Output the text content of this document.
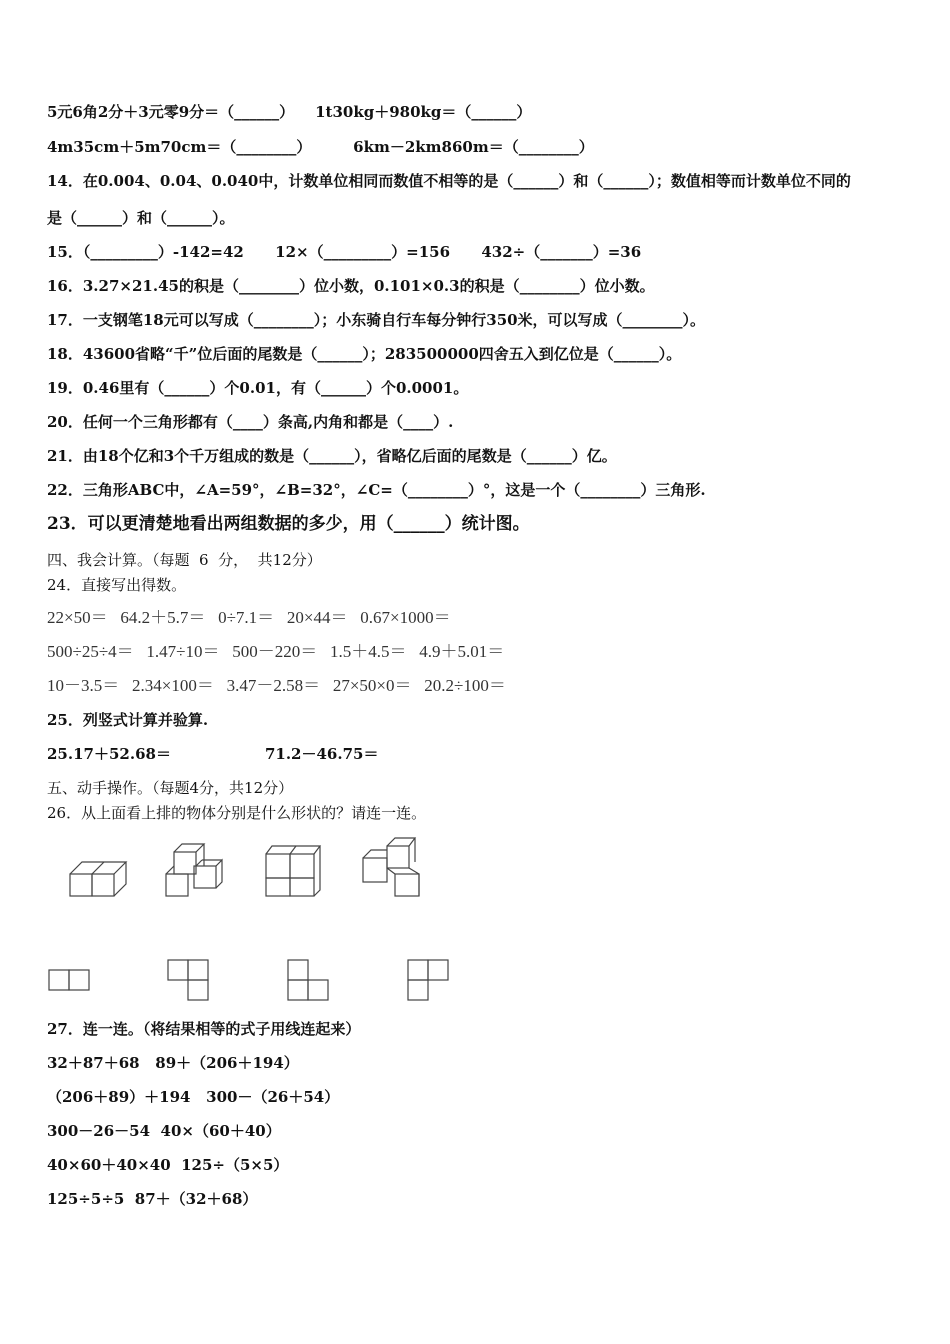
5元6角2分＋3元零9分＝（______）    1t30kg＋980kg＝（______）
4m35cm＋5m70cm＝（________）        6km－2km860m＝（________）
14．在0.004、0.04、0.040中，计数单位相同而数值不相等的是（______）和（______）；数值相等而计数单位不同的
是（______）和（______）。
15．（_________）-142=42      12×（_________）=156      432÷（_______）=36
16．3.27×21.45的积是（________）位小数，0.101×0.3的积是（________）位小数。
17．一支钢笔18元可以写成（________）；小东骑自行车每分钟行350米，可以写成（________）。
18．43600省略“千”位后面的尾数是（______）；283500000四舍五入到亿位是（______）。
19．0.46里有（______）个0.01，有（______）个0.0001。
20．任何一个三角形都有（____）条高,内角和都是（____）.
21．由18个亿和3个千万组成的数是（______），省略亿后面的尾数是（______）亿。
22．三角形ABC中，∠A=59°，∠B=32°，∠C=（________）°，这是一个（________）三角形.
23．可以更清楚地看出两组数据的多少，用（______）统计图。
四、我会计算。（每题  6  分，  共12分）
24．直接写出得数。
22×50＝   64.2＋5.7＝   0÷7.1＝   20×44＝   0.67×1000＝
500÷25÷4＝   1.47÷10＝   500－220＝   1.5＋4.5＝   4.9＋5.01＝
10－3.5＝   2.34×100＝   3.47－2.58＝   27×50×0＝   20.2÷100＝
25．列竖式计算并验算.
25.17＋52.68＝                  71.2－46.75＝
五、动手操作。（每题4分，共12分）
26．从上面看上排的物体分别是什么形状的？请连一连。
27．连一连。（将结果相等的式子用线连起来）
32＋87＋68   89＋（206＋194）
（206＋89）＋194   300－（26＋54）
300－26－54  40×（60＋40）
40×60＋40×40  125÷（5×5）
125÷5÷5  87＋（32＋68）
